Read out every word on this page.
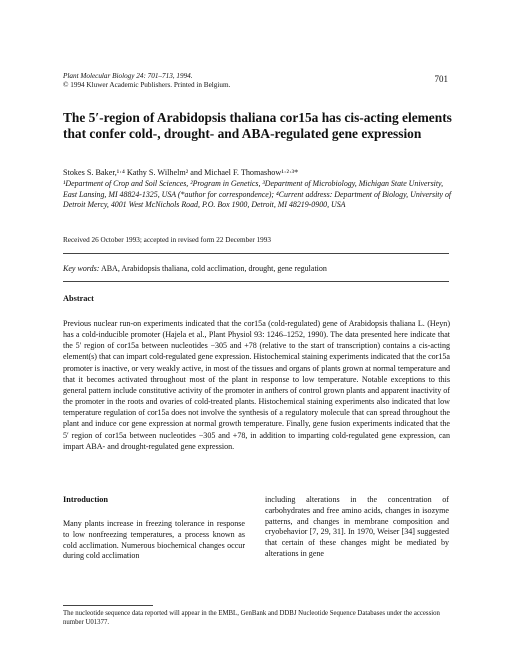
Plant Molecular Biology 24: 701–713, 1994.
© 1994 Kluwer Academic Publishers. Printed in Belgium.
701
The 5′-region of Arabidopsis thaliana cor15a has cis-acting elements that confer cold-, drought- and ABA-regulated gene expression
Stokes S. Baker,¹·⁴ Kathy S. Wilhelm² and Michael F. Thomashow¹·²·³*
¹Department of Crop and Soil Sciences, ²Program in Genetics, ³Department of Microbiology, Michigan State University, East Lansing, MI 48824-1325, USA (*author for correspondence); ⁴Current address: Department of Biology, University of Detroit Mercy, 4001 West McNichols Road, P.O. Box 1900, Detroit, MI 48219-0900, USA
Received 26 October 1993; accepted in revised form 22 December 1993
Key words: ABA, Arabidopsis thaliana, cold acclimation, drought, gene regulation
Abstract
Previous nuclear run-on experiments indicated that the cor15a (cold-regulated) gene of Arabidopsis thaliana L. (Heyn) has a cold-inducible promoter (Hajela et al., Plant Physiol 93: 1246–1252, 1990). The data presented here indicate that the 5′ region of cor15a between nucleotides −305 and +78 (relative to the start of transcription) contains a cis-acting element(s) that can impart cold-regulated gene expression. Histochemical staining experiments indicated that the cor15a promoter is inactive, or very weakly active, in most of the tissues and organs of plants grown at normal temperature and that it becomes activated throughout most of the plant in response to low temperature. Notable exceptions to this general pattern include constitutive activity of the promoter in anthers of control grown plants and apparent inactivity of the promoter in the roots and ovaries of cold-treated plants. Histochemical staining experiments also indicated that low temperature regulation of cor15a does not involve the synthesis of a regulatory molecule that can spread throughout the plant and induce cor gene expression at normal growth temperature. Finally, gene fusion experiments indicated that the 5′ region of cor15a between nucleotides −305 and +78, in addition to imparting cold-regulated gene expression, can impart ABA- and drought-regulated gene expression.
Introduction
Many plants increase in freezing tolerance in response to low nonfreezing temperatures, a process known as cold acclimation. Numerous biochemical changes occur during cold acclimation
including alterations in the concentration of carbohydrates and free amino acids, changes in isozyme patterns, and changes in membrane composition and cryobehavior [7, 29, 31]. In 1970, Weiser [34] suggested that certain of these changes might be mediated by alterations in gene
The nucleotide sequence data reported will appear in the EMBL, GenBank and DDBJ Nucleotide Sequence Databases under the accession number U01377.
